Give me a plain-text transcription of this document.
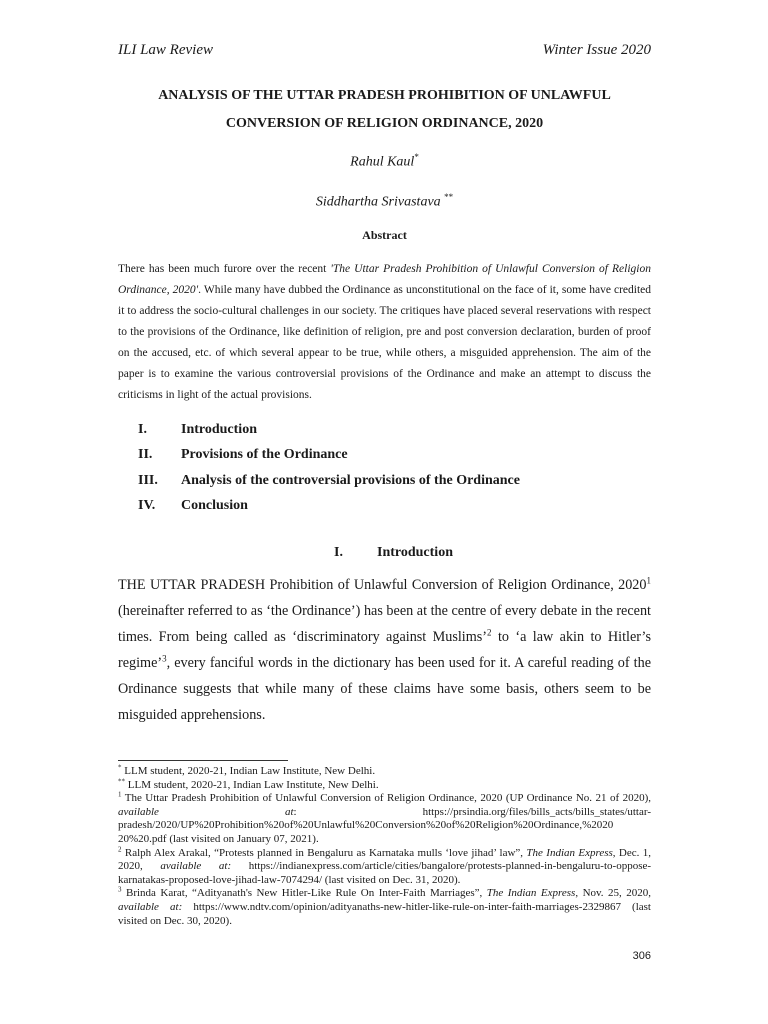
ILI Law Review	Winter Issue 2020
ANALYSIS OF THE UTTAR PRADESH PROHIBITION OF UNLAWFUL
CONVERSION OF RELIGION ORDINANCE, 2020
Rahul Kaul*
Siddhartha Srivastava **
Abstract
There has been much furore over the recent 'The Uttar Pradesh Prohibition of Unlawful Conversion of Religion Ordinance, 2020'. While many have dubbed the Ordinance as unconstitutional on the face of it, some have credited it to address the socio-cultural challenges in our society. The critiques have placed several reservations with respect to the provisions of the Ordinance, like definition of religion, pre and post conversion declaration, burden of proof on the accused, etc. of which several appear to be true, while others, a misguided apprehension. The aim of the paper is to examine the various controversial provisions of the Ordinance and make an attempt to discuss the criticisms in light of the actual provisions.
I.	Introduction
II.	Provisions of the Ordinance
III.	Analysis of the controversial provisions of the Ordinance
IV.	Conclusion
I. Introduction
THE UTTAR PRADESH Prohibition of Unlawful Conversion of Religion Ordinance, 2020$^1$ (hereinafter referred to as ‘the Ordinance’) has been at the centre of every debate in the recent times. From being called as ‘discriminatory against Muslims’$^2$ to ‘a law akin to Hitler’s regime’$^3$, every fanciful words in the dictionary has been used for it. A careful reading of the Ordinance suggests that while many of these claims have some basis, others seem to be misguided apprehensions.

* LLM student, 2020-21, Indian Law Institute, New Delhi.

** LLM student, 2020-21, Indian Law Institute, New Delhi.

$^1$ The Uttar Pradesh Prohibition of Unlawful Conversion of Religion Ordinance, 2020 (UP Ordinance No. 21 of 2020), available at: https://prsindia.org/files/bills_acts/bills_states/uttar-pradesh/2020/UP%20Prohibition%20of%20Unlawful%20Conversion%20of%20Religion%20Ordinance,%2020 20%20.pdf (last visited on January 07, 2021).

$^2$ Ralph Alex Arakal, “Protests planned in Bengaluru as Karnataka mulls ‘love jihad’ law”, The Indian Express, Dec. 1, 2020, available at: https://indianexpress.com/article/cities/bangalore/protests-planned-in-bengaluru-to-oppose-karnatakas-proposed-love-jihad-law-7074294/ (last visited on Dec. 31, 2020).

$^3$ Brinda Karat, “Adityanath's New Hitler-Like Rule On Inter-Faith Marriages”, The Indian Express, Nov. 25, 2020, available at: https://www.ndtv.com/opinion/adityanaths-new-hitler-like-rule-on-inter-faith-marriages-2329867 (last visited on Dec. 30, 2020).

306
